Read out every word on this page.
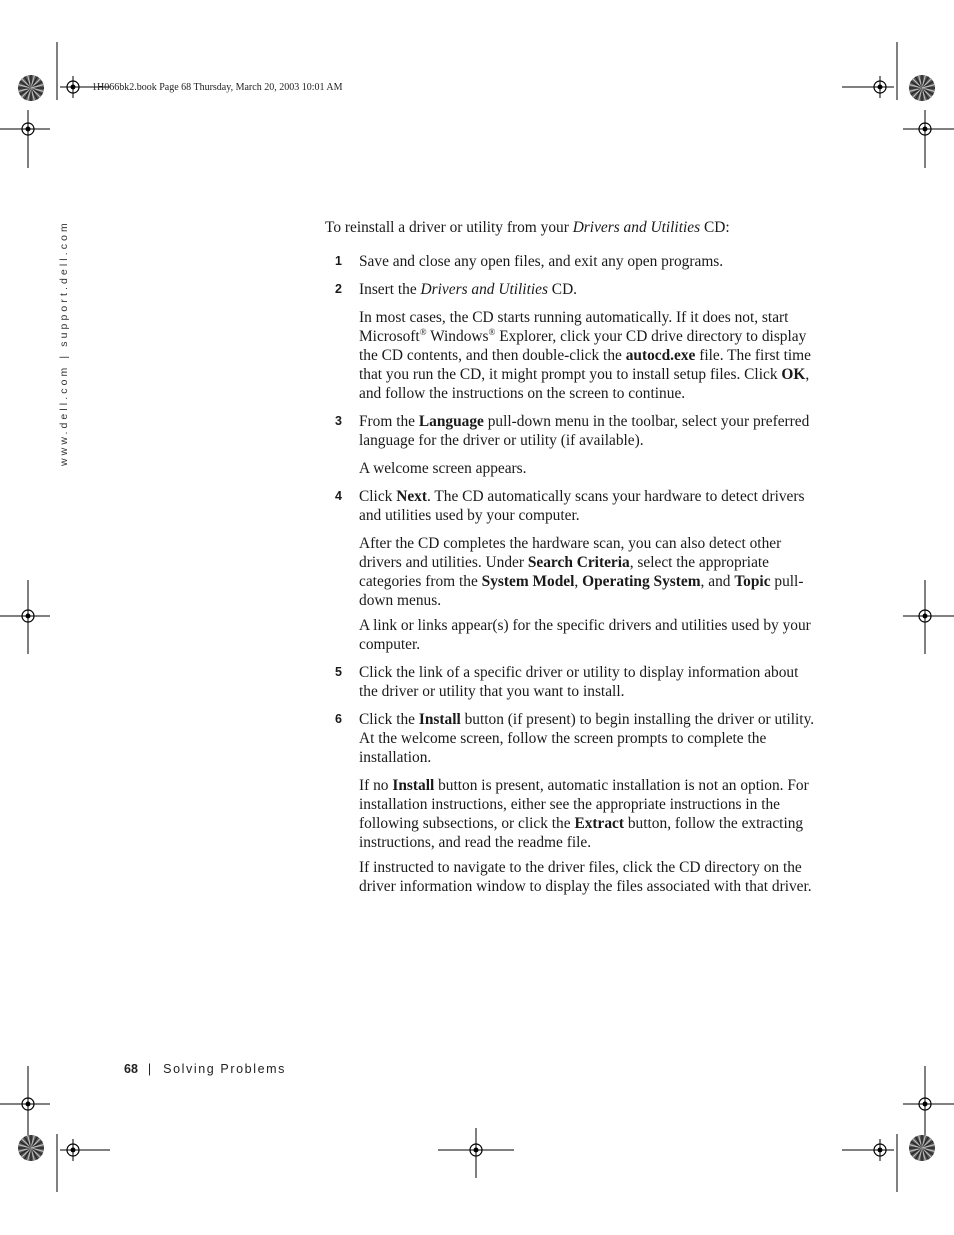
1H066bk2.book Page 68 Thursday, March 20, 2003 10:01 AM
www.dell.com | support.dell.com	To reinstall a driver or utility from your Drivers and Utilities CD:

1 Save and close any open files, and exit any open programs.

2 Insert the Drivers and Utilities CD.

In most cases, the CD starts running automatically. If it does not, start Microsoft® Windows® Explorer, click your CD drive directory to display the CD contents, and then double-click the autocd.exe file. The first time that you run the CD, it might prompt you to install setup files. Click OK, and follow the instructions on the screen to continue.

3 From the Language pull-down menu in the toolbar, select your preferred language for the driver or utility (if available).

A welcome screen appears.

4 Click Next. The CD automatically scans your hardware to detect drivers and utilities used by your computer.

After the CD completes the hardware scan, you can also detect other drivers and utilities. Under Search Criteria, select the appropriate categories from the System Model, Operating System, and Topic pull-down menus.

A link or links appear(s) for the specific drivers and utilities used by your computer.

5 Click the link of a specific driver or utility to display information about the driver or utility that you want to install.

6 Click the Install button (if present) to begin installing the driver or utility. At the welcome screen, follow the screen prompts to complete the installation.

If no Install button is present, automatic installation is not an option. For installation instructions, either see the appropriate instructions in the following subsections, or click the Extract button, follow the extracting instructions, and read the readme file.

If instructed to navigate to the driver files, click the CD directory on the driver information window to display the files associated with that driver.

68 | Solving Problems
